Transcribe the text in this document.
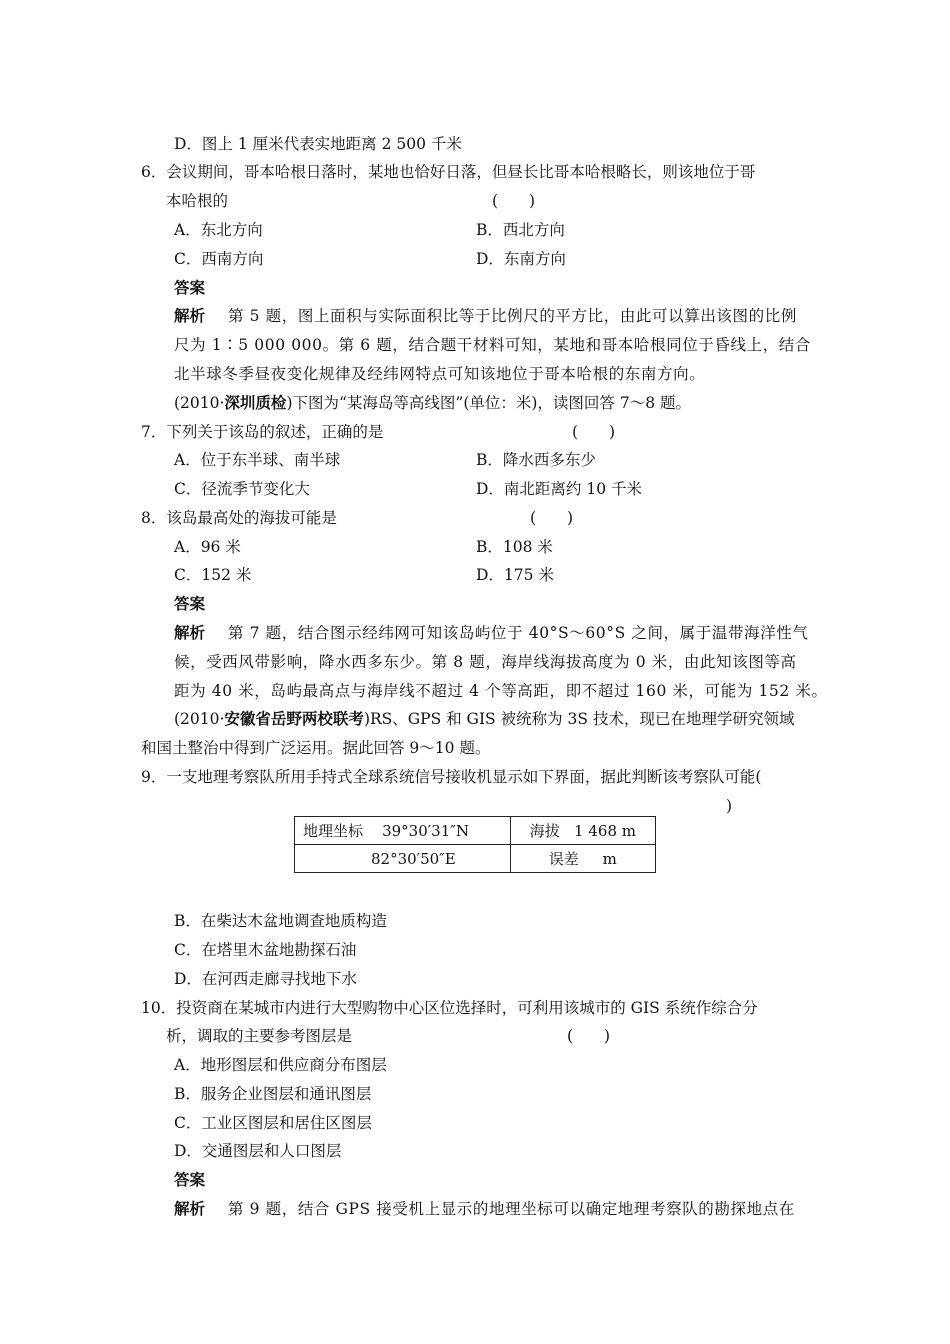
D．图上 1 厘米代表实地距离 2 500 千米
6．会议期间，哥本哈根日落时，某地也恰好日落，但昼长比哥本哈根略长，则该地位于哥
本哈根的	(　　)
A．东北方向	B．西北方向
C．西南方向	D．东南方向
答案
解析 第 5 题，图上面积与实际面积比等于比例尺的平方比，由此可以算出该图的比例
尺为 1∶5 000 000。第 6 题，结合题干材料可知，某地和哥本哈根同位于昏线上，结合
北半球冬季昼夜变化规律及经纬网特点可知该地位于哥本哈根的东南方向。
(2010·深圳质检)下图为“某海岛等高线图”(单位：米)，读图回答 7～8 题。
7．下列关于该岛的叙述，正确的是	(　　)
A．位于东半球、南半球	B．降水西多东少
C．径流季节变化大	D．南北距离约 10 千米
8．该岛最高处的海拔可能是	(　　)
A．96 米	B．108 米
C．152 米	D．175 米
答案
解析 第 7 题，结合图示经纬网可知该岛屿位于 40°S～60°S 之间，属于温带海洋性气
候，受西风带影响，降水西多东少。第 8 题，海岸线海拔高度为 0 米，由此知该图等高
距为 40 米，岛屿最高点与海岸线不超过 4 个等高距，即不超过 160 米，可能为 152 米。
(2010·安徽省岳野两校联考)RS、GPS 和 GIS 被统称为 3S 技术，现已在地理学研究领域
和国土整治中得到广泛运用。据此回答 9～10 题。
9．一支地理考察队所用手持式全球系统信号接收机显示如下界面，据此判断该考察队可能(
)
地理坐标 39°30′31″N	海拔 1 468 m
82°30′50″E	误差 m
B．在柴达木盆地调查地质构造
C．在塔里木盆地勘探石油
D．在河西走廊寻找地下水
10．投资商在某城市内进行大型购物中心区位选择时，可利用该城市的 GIS 系统作综合分
析，调取的主要参考图层是	(　　)
A．地形图层和供应商分布图层
B．服务企业图层和通讯图层
C．工业区图层和居住区图层
D．交通图层和人口图层
答案
解析 第 9 题，结合 GPS 接受机上显示的地理坐标可以确定地理考察队的勘探地点在
